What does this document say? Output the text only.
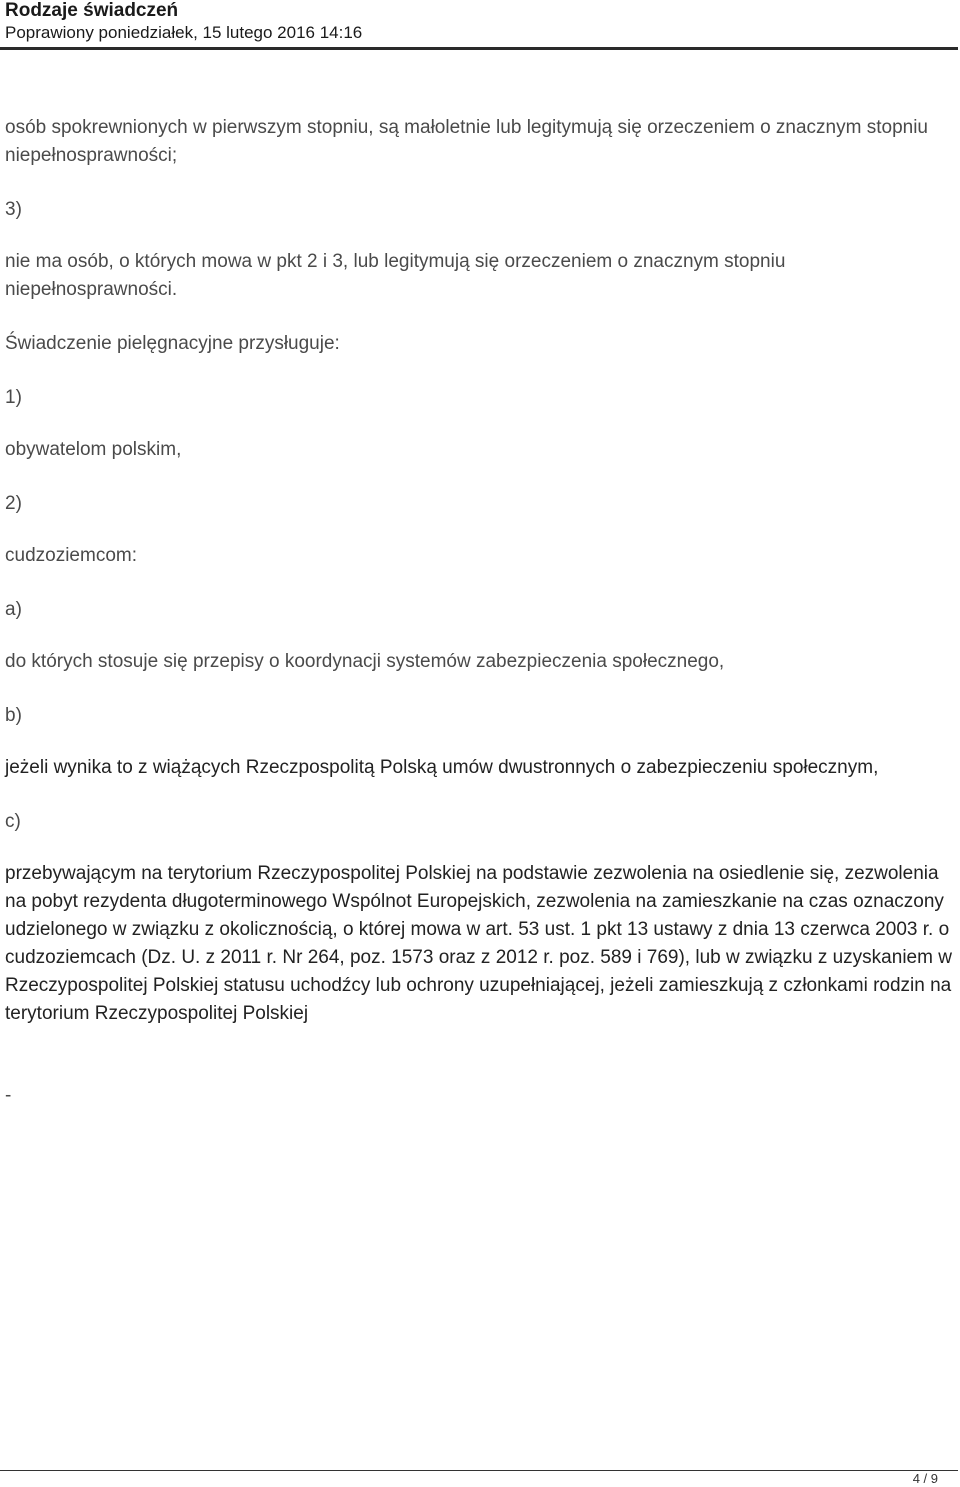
Rodzaje świadczeń
Poprawiony poniedziałek, 15 lutego 2016 14:16

osób spokrewnionych w pierwszym stopniu, są małoletnie lub legitymują się orzeczeniem o znacznym stopniu niepełnosprawności;

3)

nie ma osób, o których mowa w pkt 2 i 3, lub legitymują się orzeczeniem o znacznym stopniu niepełnosprawności.

Świadczenie pielęgnacyjne przysługuje:

1)

obywatelom polskim,

2)

cudzoziemcom:

a)

do których stosuje się przepisy o koordynacji systemów zabezpieczenia społecznego,

b)

jeżeli wynika to z wiążących Rzeczpospolitą Polską umów dwustronnych o zabezpieczeniu społecznym,

c)

przebywającym na terytorium Rzeczypospolitej Polskiej na podstawie zezwolenia na osiedlenie się, zezwolenia na pobyt rezydenta długoterminowego Wspólnot Europejskich, zezwolenia na zamieszkanie na czas oznaczony udzielonego w związku z okolicznością, o której mowa w art. 53 ust. 1 pkt 13 ustawy z dnia 13 czerwca 2003 r. o cudzoziemcach (Dz. U. z 2011 r. Nr 264, poz. 1573 oraz z 2012 r. poz. 589 i 769), lub w związku z uzyskaniem w Rzeczypospolitej Polskiej statusu uchodźcy lub ochrony uzupełniającej, jeżeli zamieszkują z członkami rodzin na terytorium Rzeczypospolitej Polskiej

-

4 / 9
